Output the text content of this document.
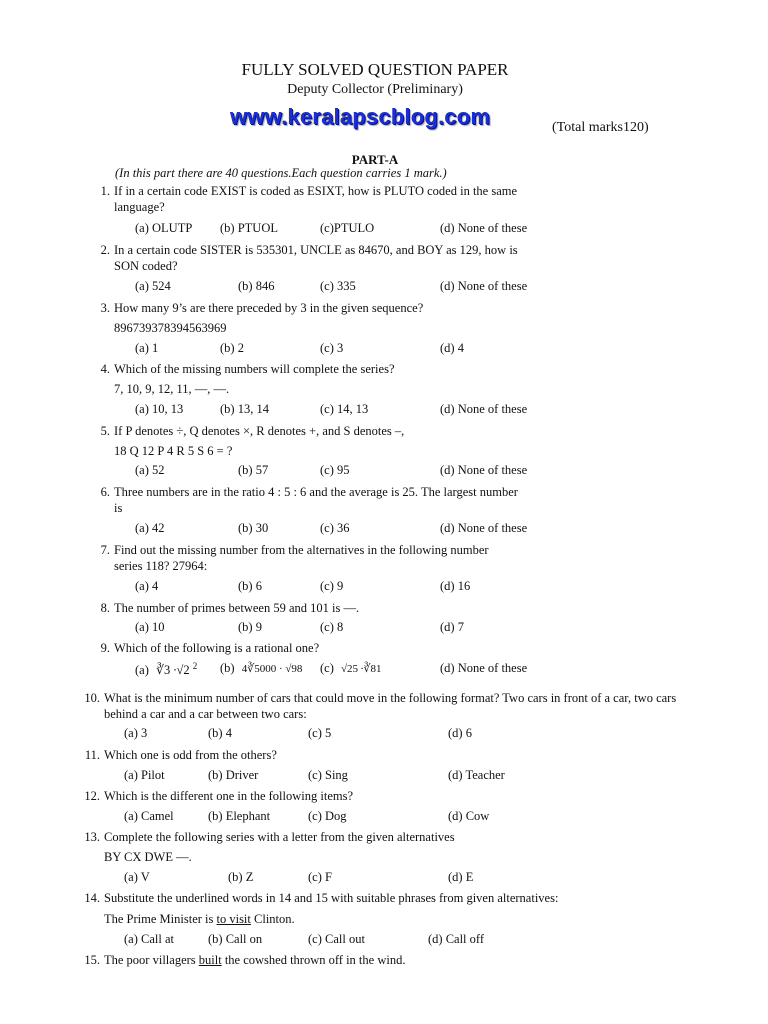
FULLY SOLVED QUESTION PAPER
Deputy Collector (Preliminary)
www.keralapscblog.com	(Total marks120)
PART-A
(In this part there are 40 questions.Each question carries 1 mark.)
1. If in a certain code EXIST is coded as ESIXT, how is PLUTO coded in the same
language?
(a) OLUTP (b) PTUOL	(c)PTULO	(d) None of these
2. In a certain code SISTER is 535301, UNCLE as 84670, and BOY as 129, how is
SON coded?
(a) 524	(b) 846	(c) 335	(d) None of these
3. How many 9’s are there preceded by 3 in the given sequence?
896739378394563969
(a) 1	(b) 2	(c) 3	(d) 4
4. Which of the missing numbers will complete the series?
7, 10, 9, 12, 11, ––, ––.
(a) 10, 13	(b) 13, 14	(c) 14, 13	(d) None of these
5. If P denotes ÷, Q denotes ×, R denotes +, and S denotes –,
18 Q 12 P 4 R 5 S 6 = ?
(a) 52	(b) 57	(c) 95	(d) None of these
6. Three numbers are in the ratio 4 : 5 : 6 and the average is 25. The largest number
is
(a) 42	(b) 30	(c) 36	(d) None of these
7. Find out the missing number from the alternatives in the following number
series 118? 27964:
(a) 4	(b) 6	(c) 9	(d) 16
8. The number of primes between 59 and 101 is ––.
(a) 10	(b) 9	(c) 8	(d) 7
9. Which of the following is a rational one?
(a) ∛3 ∙√2 $^2$ (b) 4∛5000 · √98 (c) √25 ∙∛81	(d) None of these
10. What is the minimum number of cars that could move in the following format? Two cars in front of a car, two cars
behind a car and a car between two cars:
(a) 3	(b) 4	(c) 5	(d) 6
11. Which one is odd from the others?
(a) Pilot	(b) Driver	(c) Sing	(d) Teacher
12. Which is the different one in the following items?
(a) Camel	(b) Elephant	(c) Dog	(d) Cow
13. Complete the following series with a letter from the given alternatives
BY CX DWE ––.
(a) V	(b) Z	(c) F	(d) E
14. Substitute the underlined words in 14 and 15 with suitable phrases from given alternatives:
The Prime Minister is to visit Clinton.
(a) Call at	(b) Call on	(c) Call out	(d) Call off
15. The poor villagers built the cowshed thrown off in the wind.
